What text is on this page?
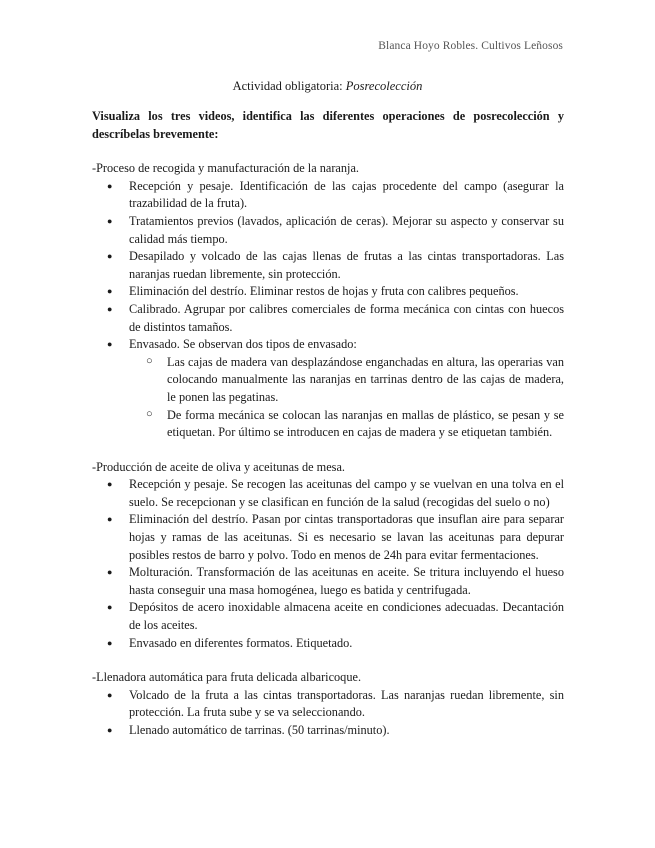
Blanca Hoyo Robles. Cultivos Leñosos
Actividad obligatoria: Posrecolección

Visualiza los tres videos, identifica las diferentes operaciones de posrecolección y descríbelas brevemente:

-Proceso de recogida y manufacturación de la naranja.
● Recepción y pesaje. Identificación de las cajas procedente del campo (asegurar la trazabilidad de la fruta).
● Tratamientos previos (lavados, aplicación de ceras). Mejorar su aspecto y conservar su calidad más tiempo.
● Desapilado y volcado de las cajas llenas de frutas a las cintas transportadoras. Las naranjas ruedan libremente, sin protección.
● Eliminación del destrío. Eliminar restos de hojas y fruta con calibres pequeños.
● Calibrado. Agrupar por calibres comerciales de forma mecánica con cintas con huecos de distintos tamaños.
● Envasado. Se observan dos tipos de envasado:
○ Las cajas de madera van desplazándose enganchadas en altura, las operarias van colocando manualmente las naranjas en tarrinas dentro de las cajas de madera, le ponen las pegatinas.
○ De forma mecánica se colocan las naranjas en mallas de plástico, se pesan y se etiquetan. Por último se introducen en cajas de madera y se etiquetan también.
-Producción de aceite de oliva y aceitunas de mesa.
● Recepción y pesaje. Se recogen las aceitunas del campo y se vuelvan en una tolva en el suelo. Se recepcionan y se clasifican en función de la salud (recogidas del suelo o no)
● Eliminación del destrío. Pasan por cintas transportadoras que insuflan aire para separar hojas y ramas de las aceitunas. Si es necesario se lavan las aceitunas para depurar posibles restos de barro y polvo. Todo en menos de 24h para evitar fermentaciones.
● Molturación. Transformación de las aceitunas en aceite. Se tritura incluyendo el hueso hasta conseguir una masa homogénea, luego es batida y centrifugada.
● Depósitos de acero inoxidable almacena aceite en condiciones adecuadas. Decantación de los aceites.
● Envasado en diferentes formatos. Etiquetado.
-Llenadora automática para fruta delicada albaricoque.
● Volcado de la fruta a las cintas transportadoras. Las naranjas ruedan libremente, sin protección. La fruta sube y se va seleccionando.
● Llenado automático de tarrinas. (50 tarrinas/minuto).
